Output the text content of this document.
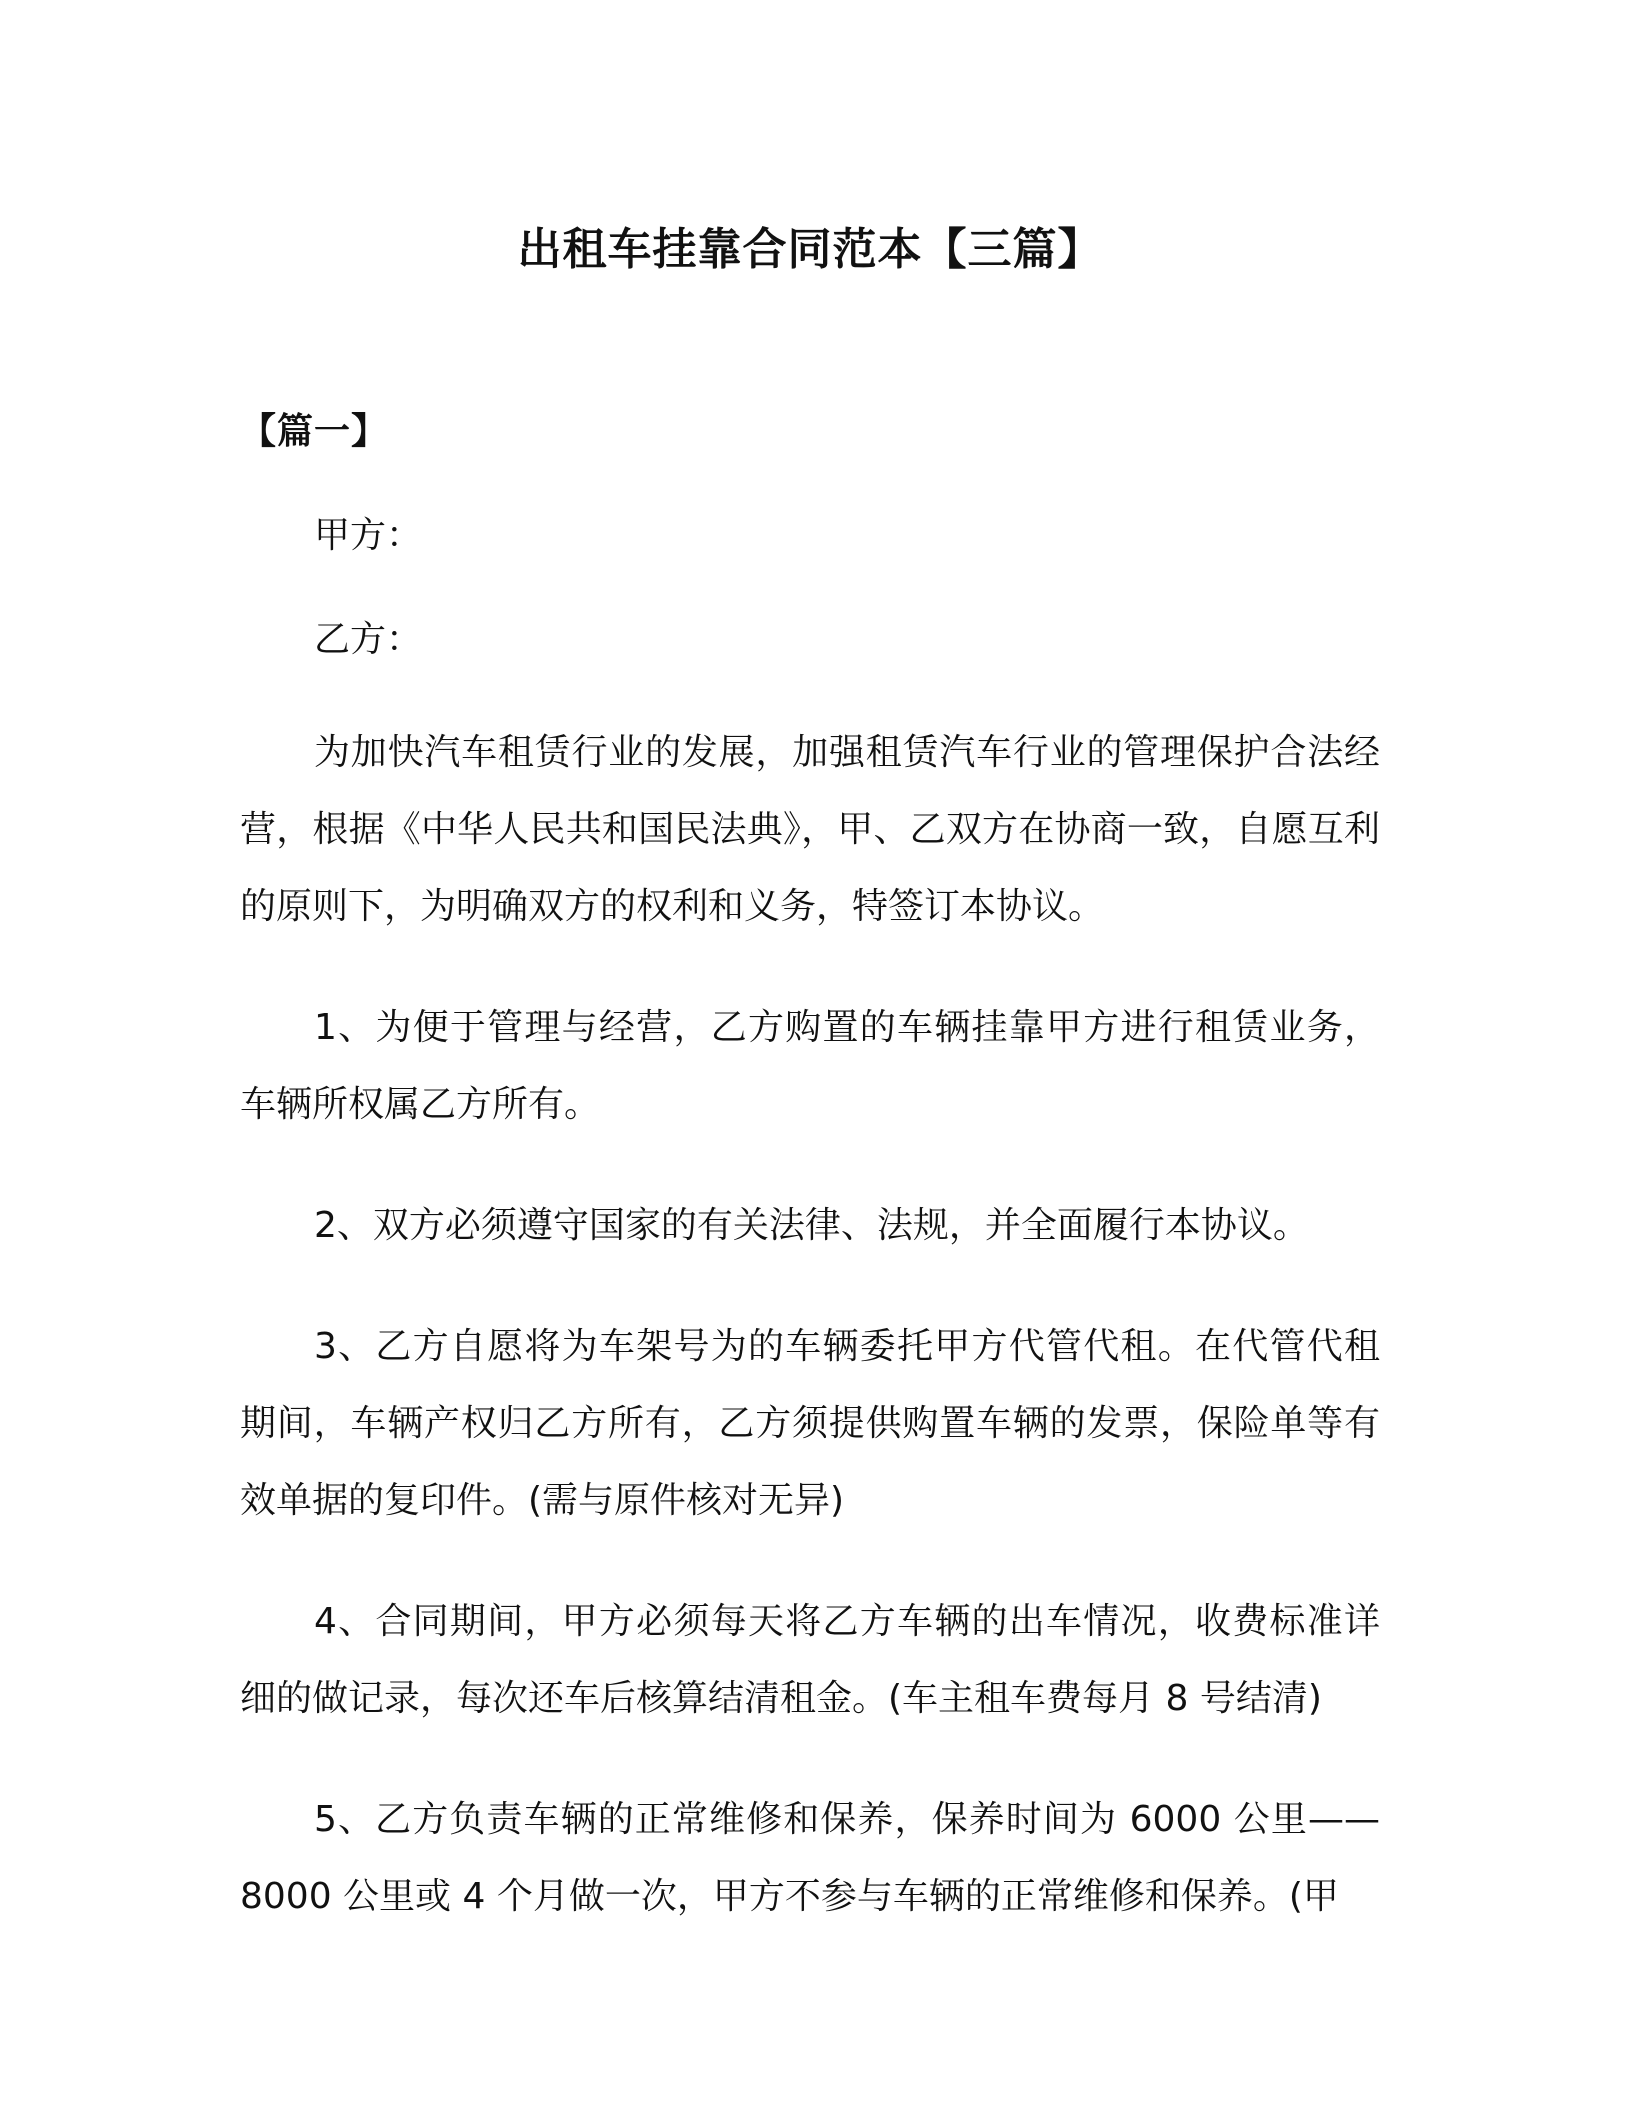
出租车挂靠合同范本【三篇】
【篇一】

甲方：

乙方：

为加快汽车租赁行业的发展，加强租赁汽车行业的管理保护合法经营，根据《中华人民共和国民法典》，甲、乙双方在协商一致，自愿互利的原则下，为明确双方的权利和义务，特签订本协议。

1、为便于管理与经营，乙方购置的车辆挂靠甲方进行租赁业务，车辆所权属乙方所有。

2、双方必须遵守国家的有关法律、法规，并全面履行本协议。

3、乙方自愿将为车架号为的车辆委托甲方代管代租。在代管代租期间，车辆产权归乙方所有，乙方须提供购置车辆的发票，保险单等有效单据的复印件。(需与原件核对无异)

4、合同期间，甲方必须每天将乙方车辆的出车情况，收费标准详细的做记录，每次还车后核算结清租金。(车主租车费每月 8 号结清)

5、乙方负责车辆的正常维修和保养，保养时间为 6000 公里——8000 公里或 4 个月做一次，甲方不参与车辆的正常维修和保养。(甲
